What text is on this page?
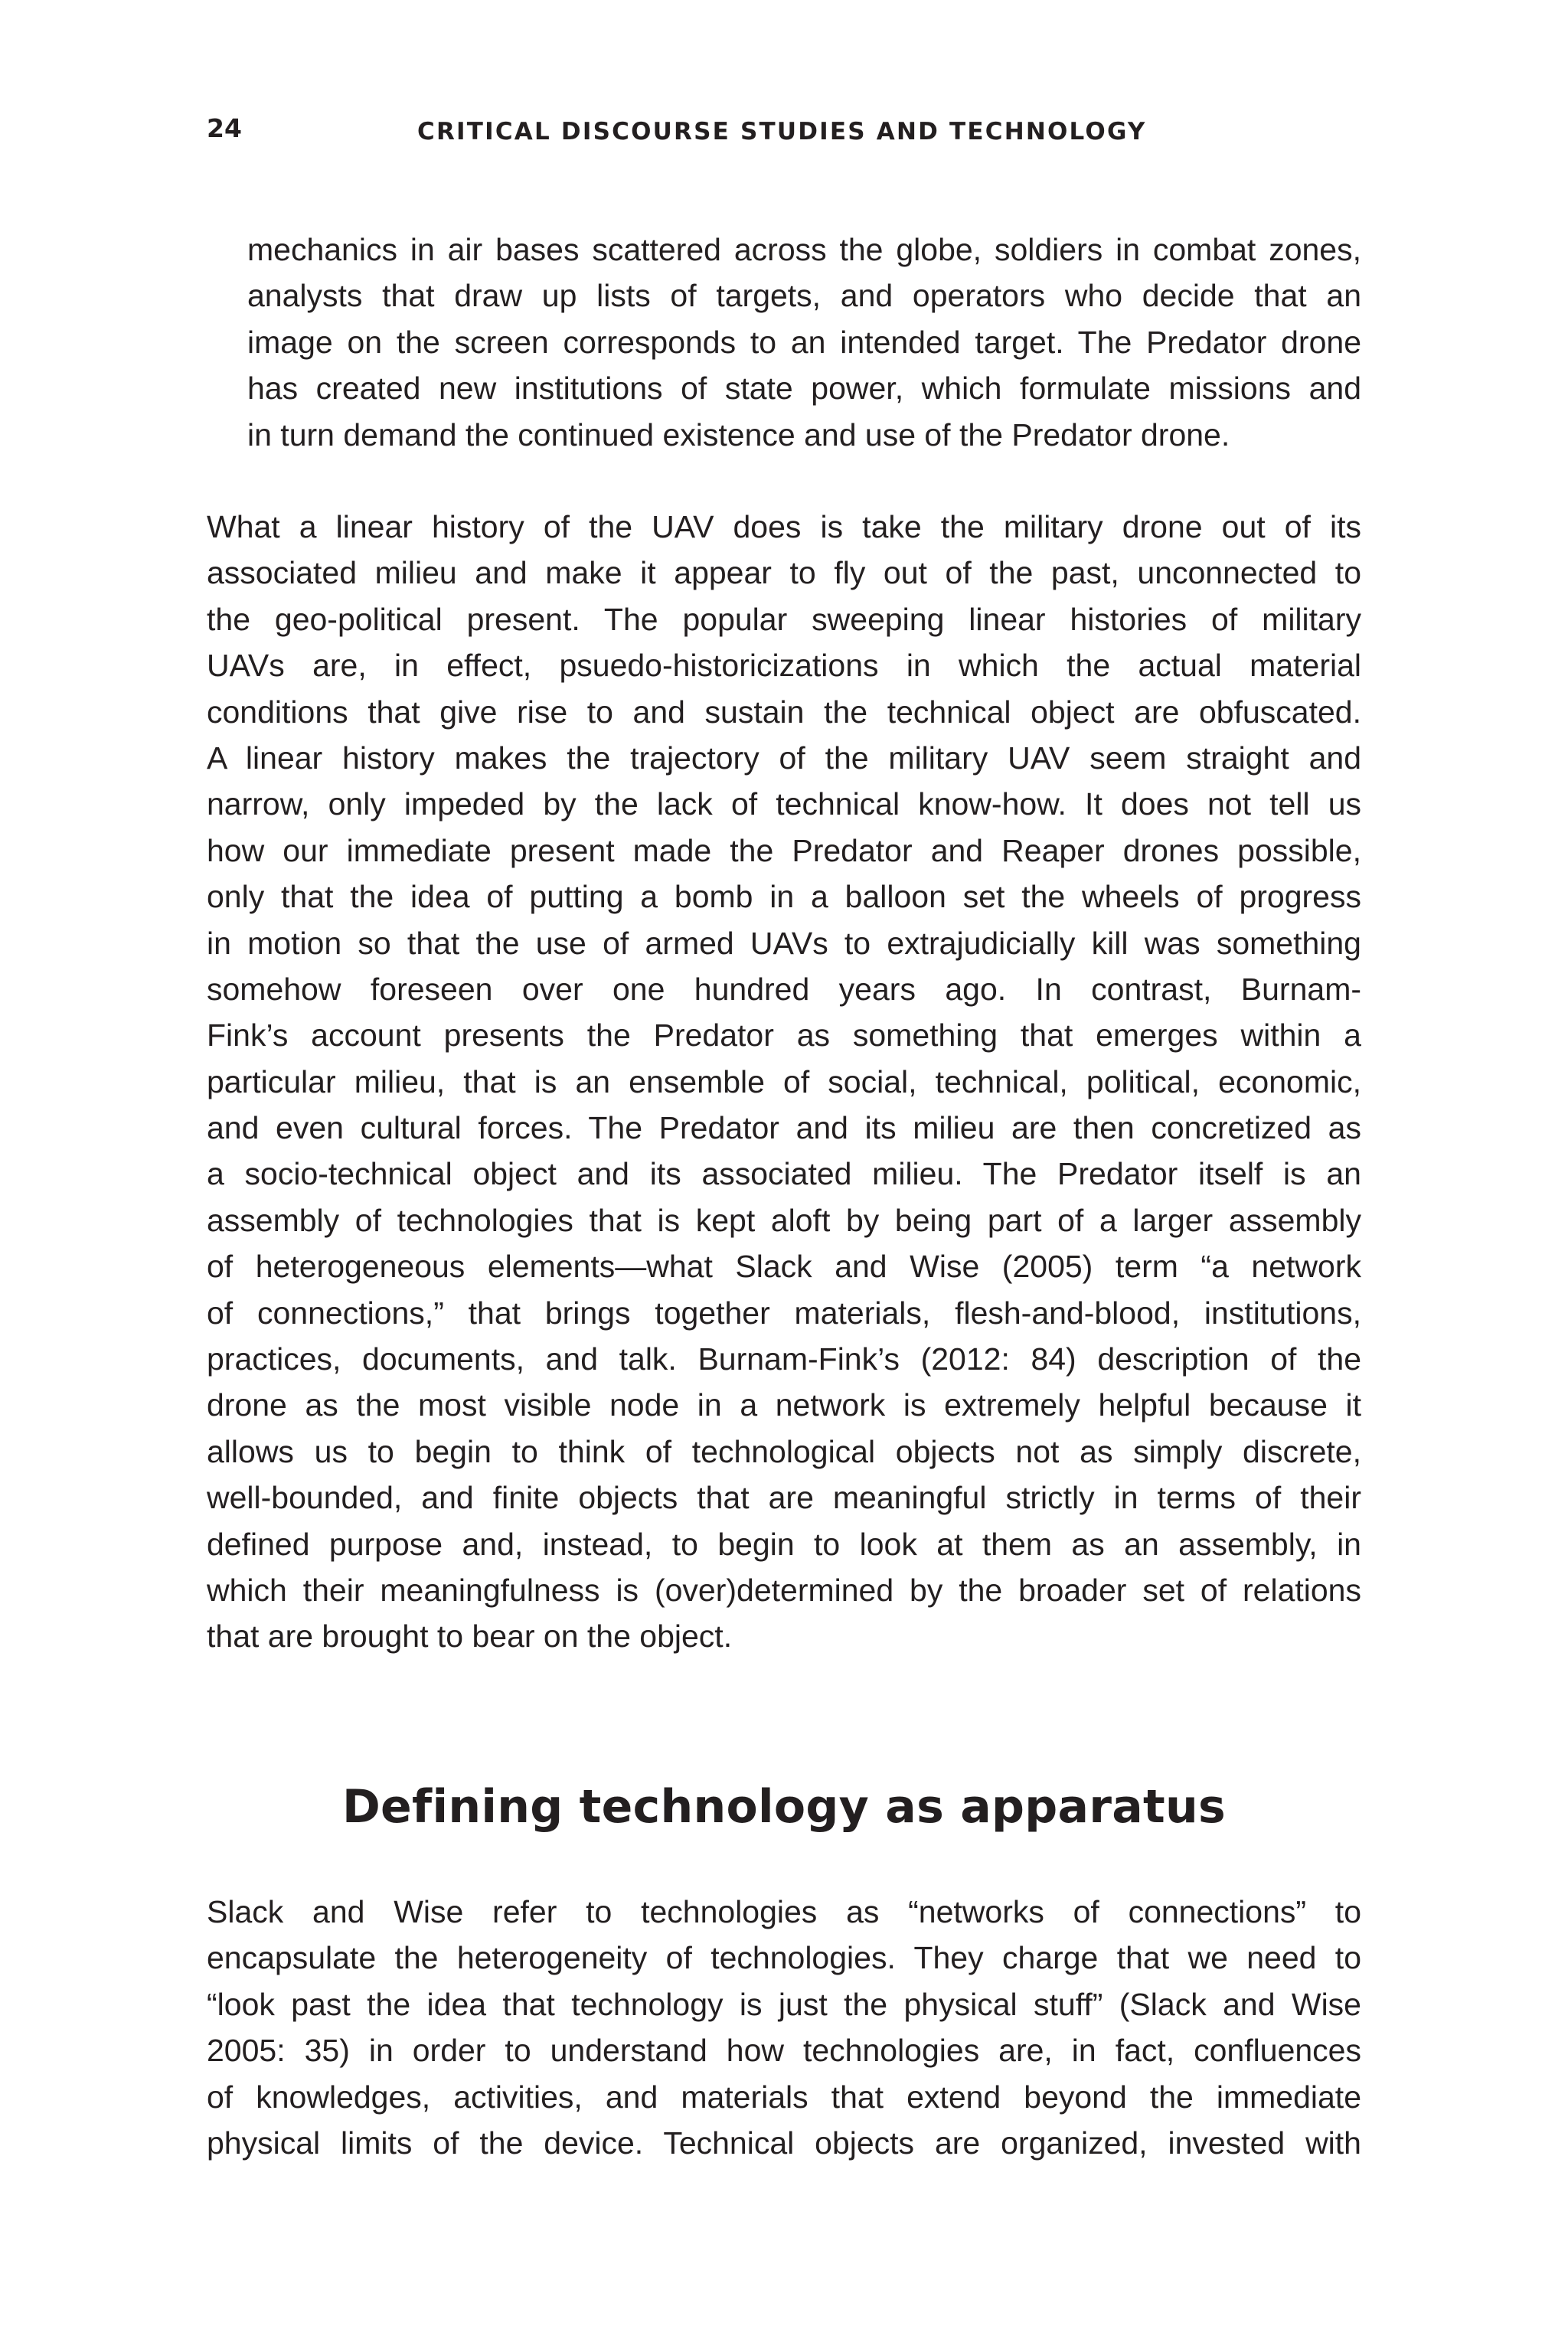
24	CRITICAL DISCOURSE STUDIES AND TECHNOLOGY
mechanics in air bases scattered across the globe, soldiers in combat zones,
analysts that draw up lists of targets, and operators who decide that an
image on the screen corresponds to an intended target. The Predator drone
has created new institutions of state power, which formulate missions and
in turn demand the continued existence and use of the Predator drone.
What a linear history of the UAV does is take the military drone out of its
associated milieu and make it appear to fly out of the past, unconnected to
the geo-political present. The popular sweeping linear histories of military
UAVs are, in effect, psuedo-historicizations in which the actual material
conditions that give rise to and sustain the technical object are obfuscated.
A linear history makes the trajectory of the military UAV seem straight and
narrow, only impeded by the lack of technical know-how. It does not tell us
how our immediate present made the Predator and Reaper drones possible,
only that the idea of putting a bomb in a balloon set the wheels of progress
in motion so that the use of armed UAVs to extrajudicially kill was something
somehow foreseen over one hundred years ago. In contrast, Burnam-
Fink’s account presents the Predator as something that emerges within a
particular milieu, that is an ensemble of social, technical, political, economic,
and even cultural forces. The Predator and its milieu are then concretized as
a socio-technical object and its associated milieu. The Predator itself is an
assembly of technologies that is kept aloft by being part of a larger assembly
of heterogeneous elements—what Slack and Wise (2005) term “a network
of connections,” that brings together materials, flesh-and-blood, institutions,
practices, documents, and talk. Burnam-Fink’s (2012: 84) description of the
drone as the most visible node in a network is extremely helpful because it
allows us to begin to think of technological objects not as simply discrete,
well-bounded, and finite objects that are meaningful strictly in terms of their
defined purpose and, instead, to begin to look at them as an assembly, in
which their meaningfulness is (over)determined by the broader set of relations
that are brought to bear on the object.
Defining technology as apparatus
Slack and Wise refer to technologies as “networks of connections” to
encapsulate the heterogeneity of technologies. They charge that we need to
“look past the idea that technology is just the physical stuff” (Slack and Wise
2005: 35) in order to understand how technologies are, in fact, confluences
of knowledges, activities, and materials that extend beyond the immediate
physical limits of the device. Technical objects are organized, invested with
